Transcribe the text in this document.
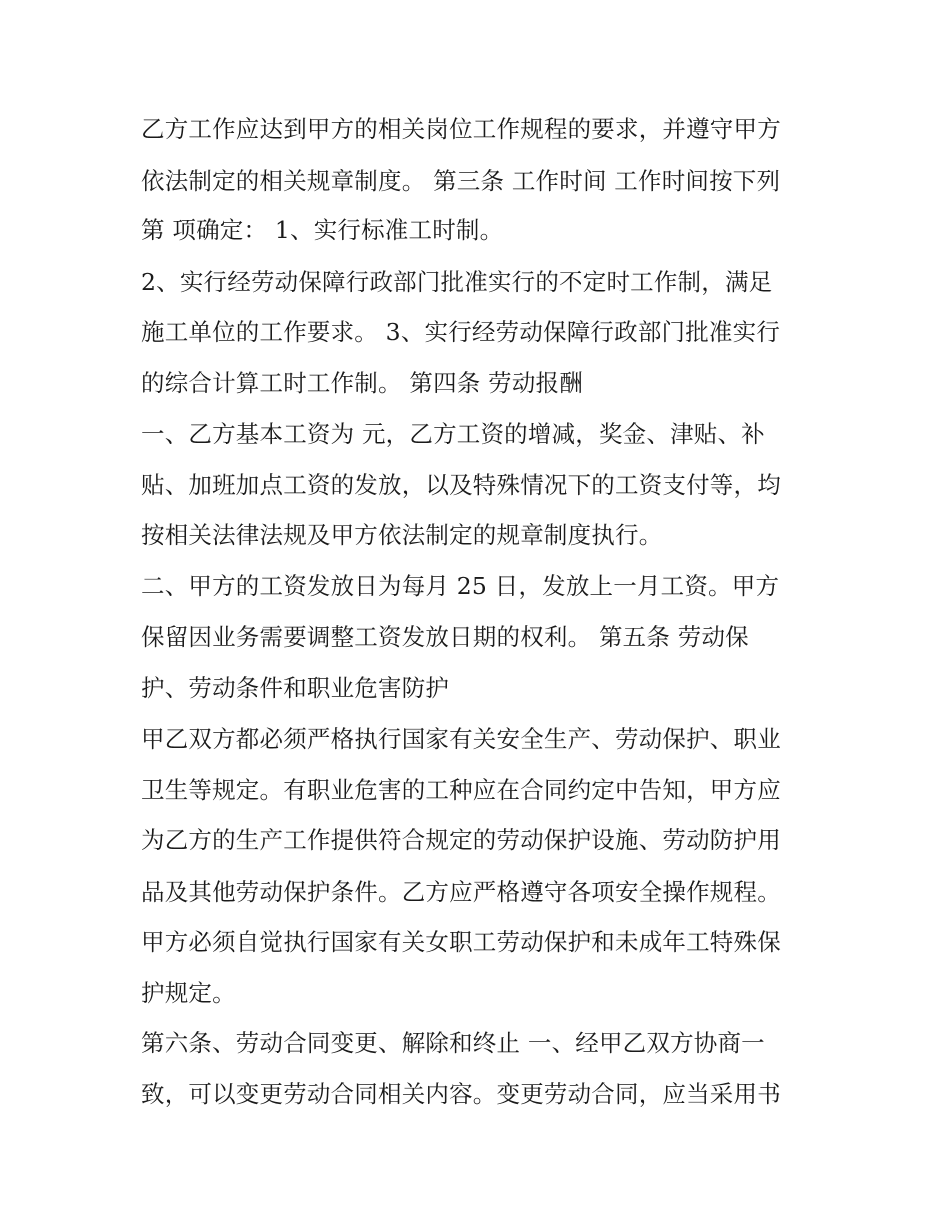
乙方工作应达到甲方的相关岗位工作规程的要求，并遵守甲方
依法制定的相关规章制度。 第三条 工作时间 工作时间按下列
第 项确定： 1、实行标准工时制。
2、实行经劳动保障行政部门批准实行的不定时工作制，满足
施工单位的工作要求。 3、实行经劳动保障行政部门批准实行
的综合计算工时工作制。 第四条 劳动报酬
一、乙方基本工资为 元，乙方工资的增减，奖金、津贴、补
贴、加班加点工资的发放，以及特殊情况下的工资支付等，均
按相关法律法规及甲方依法制定的规章制度执行。
二、甲方的工资发放日为每月 25 日，发放上一月工资。甲方
保留因业务需要调整工资发放日期的权利。 第五条 劳动保
护、劳动条件和职业危害防护
甲乙双方都必须严格执行国家有关安全生产、劳动保护、职业
卫生等规定。有职业危害的工种应在合同约定中告知，甲方应
为乙方的生产工作提供符合规定的劳动保护设施、劳动防护用
品及其他劳动保护条件。乙方应严格遵守各项安全操作规程。
甲方必须自觉执行国家有关女职工劳动保护和未成年工特殊保
护规定。
第六条、劳动合同变更、解除和终止 一、经甲乙双方协商一
致，可以变更劳动合同相关内容。变更劳动合同，应当采用书
